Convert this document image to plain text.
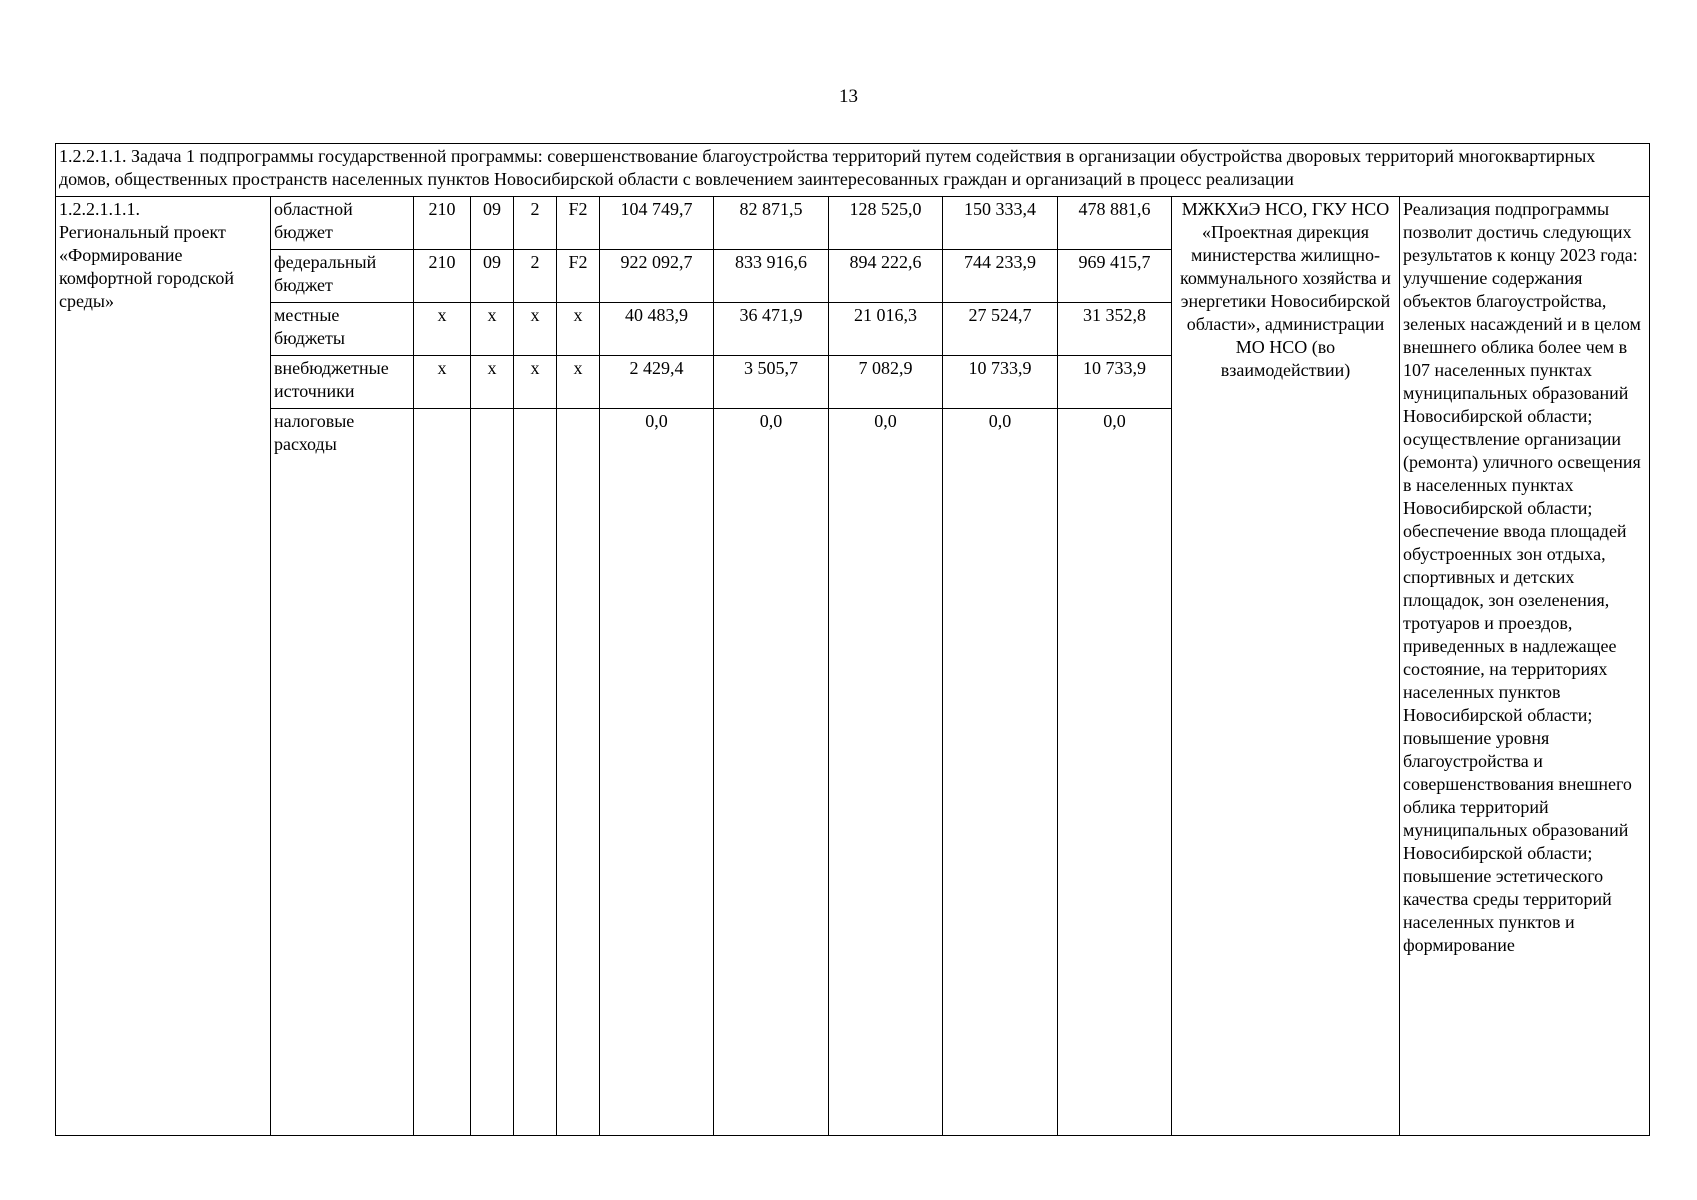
13
1.2.2.1.1. Задача 1 подпрограммы государственной программы: совершенствование благоустройства территорий путем содействия в организации обустройства дворовых территорий многоквартирных домов, общественных пространств населенных пунктов Новосибирской области с вовлечением заинтересованных граждан и организаций в процесс реализации												
1.2.2.1.1.1.
Региональный проект «Формирование комфортной городской среды»	областной бюджет	210	09	2	F2	104 749,7	82 871,5	128 525,0	150 333,4	478 881,6	МЖКХиЭ НСО, ГКУ НСО «Проектная дирекция министерства жилищно-коммунального хозяйства и энергетики Новосибирской области», администрации МО НСО (во взаимодействии)	Реализация подпрограммы позволит достичь следующих результатов к концу 2023 года: улучшение содержания объектов благоустройства, зеленых насаждений и в целом внешнего облика более чем в 107 населенных пунктах муниципальных образований Новосибирской области; осуществление организации (ремонта) уличного освещения в населенных пунктах Новосибирской области; обеспечение ввода площадей обустроенных зон отдыха, спортивных и детских площадок, зон озеленения, тротуаров и проездов, приведенных в надлежащее состояние, на территориях населенных пунктов Новосибирской области; повышение уровня благоустройства и совершенствования внешнего облика территорий муниципальных образований Новосибирской области; повышение эстетического качества среды территорий населенных пунктов и формирование
	федеральный бюджет	210	09	2	F2	922 092,7	833 916,6	894 222,6	744 233,9	969 415,7		
	местные бюджеты	х	х	х	х	40 483,9	36 471,9	21 016,3	27 524,7	31 352,8		
	внебюджетные источники	х	х	х	х	2 429,4	3 505,7	7 082,9	10 733,9	10 733,9		
	налоговые расходы					0,0	0,0	0,0	0,0	0,0		
